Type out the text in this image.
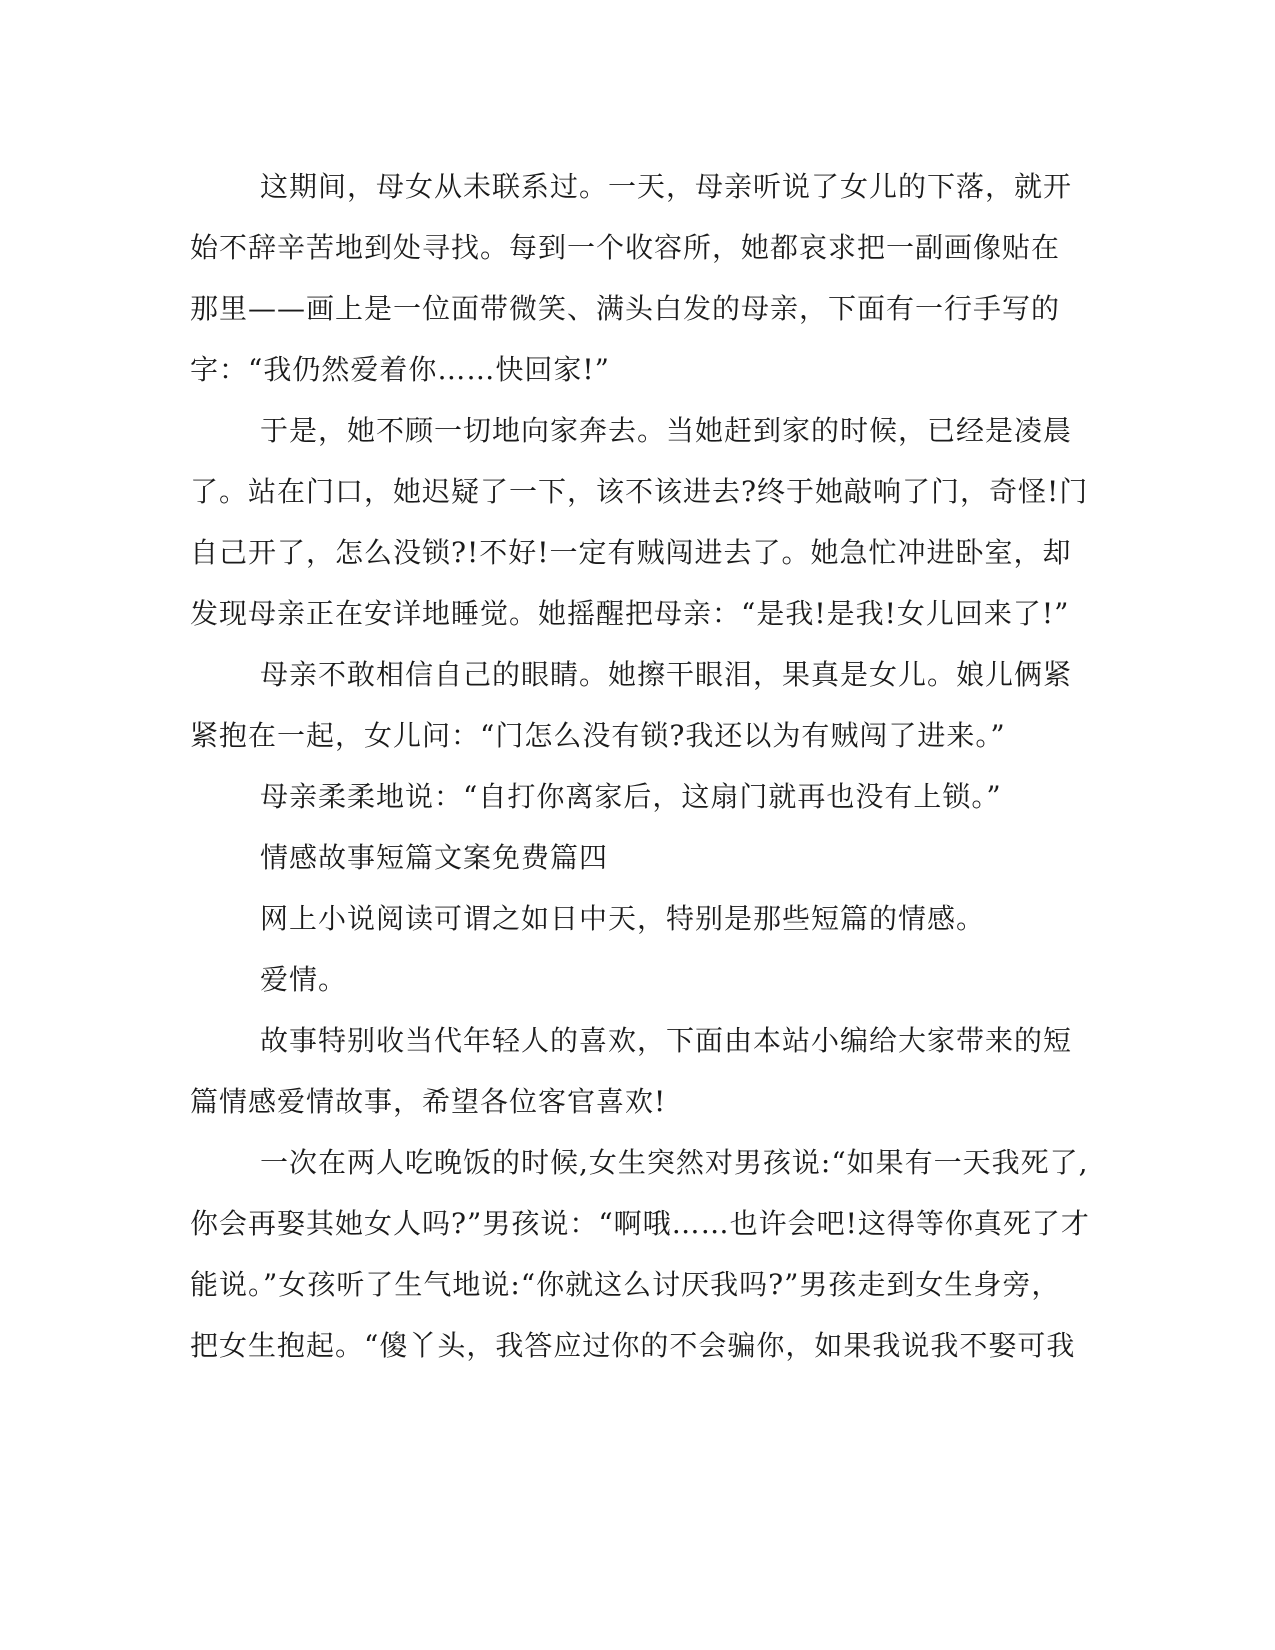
这期间，母女从未联系过。一天，母亲听说了女儿的下落，就开
始不辞辛苦地到处寻找。每到一个收容所，她都哀求把一副画像贴在
那里——画上是一位面带微笑、满头白发的母亲，下面有一行手写的
字：“我仍然爱着你……快回家!”
于是，她不顾一切地向家奔去。当她赶到家的时候，已经是凌晨
了。站在门口，她迟疑了一下，该不该进去?终于她敲响了门，奇怪!门
自己开了，怎么没锁?!不好!一定有贼闯进去了。她急忙冲进卧室，却
发现母亲正在安详地睡觉。她摇醒把母亲：“是我!是我!女儿回来了!”
母亲不敢相信自己的眼睛。她擦干眼泪，果真是女儿。娘儿俩紧
紧抱在一起，女儿问：“门怎么没有锁?我还以为有贼闯了进来。”
母亲柔柔地说：“自打你离家后，这扇门就再也没有上锁。”
情感故事短篇文案免费篇四
网上小说阅读可谓之如日中天，特别是那些短篇的情感。
爱情。
故事特别收当代年轻人的喜欢，下面由本站小编给大家带来的短
篇情感爱情故事，希望各位客官喜欢!
一次在两人吃晚饭的时候,女生突然对男孩说:“如果有一天我死了,
你会再娶其她女人吗?”男孩说：“啊哦……也许会吧!这得等你真死了才
能说。”女孩听了生气地说:“你就这么讨厌我吗?”男孩走到女生身旁，
把女生抱起。“傻丫头，我答应过你的不会骗你，如果我说我不娶可我
